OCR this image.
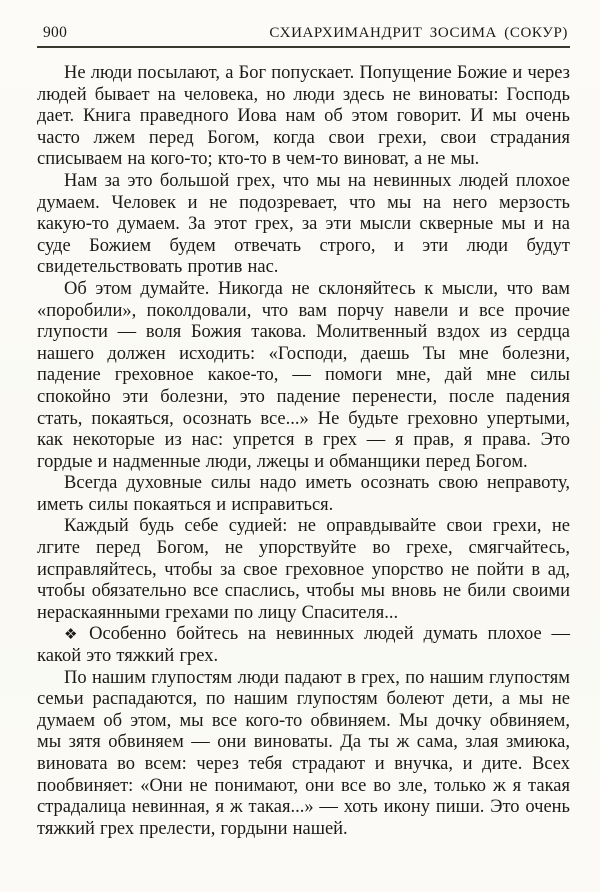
900	СХИАРХИМАНДРИТ ЗОСИМА (СОКУР)

Не люди посылают, а Бог попускает. Попущение Божие и через людей бывает на человека, но люди здесь не виноваты: Господь дает. Книга праведного Иова нам об этом говорит. И мы очень часто лжем перед Богом, когда свои грехи, свои страдания списываем на кого-то; кто-то в чем-то виноват, а не мы.

Нам за это большой грех, что мы на невинных людей плохое думаем. Человек и не подозревает, что мы на него мерзость какую-то думаем. За этот грех, за эти мысли скверные мы и на суде Божием будем отвечать строго, и эти люди будут свидетельствовать против нас.

Об этом думайте. Никогда не склоняйтесь к мысли, что вам «поробили», поколдовали, что вам порчу навели и все прочие глупости — воля Божия такова. Молитвенный вздох из сердца нашего должен исходить: «Господи, даешь Ты мне болезни, падение греховное какое-то, — помоги мне, дай мне силы спокойно эти болезни, это падение перенести, после падения стать, покаяться, осознать все...» Не будьте греховно упертыми, как некоторые из нас: упрется в грех — я прав, я права. Это гордые и надменные люди, лжецы и обманщики перед Богом.

Всегда духовные силы надо иметь осознать свою неправоту, иметь силы покаяться и исправиться.

Каждый будь себе судией: не оправдывайте свои грехи, не лгите перед Богом, не упорствуйте во грехе, смягчайтесь, исправляйтесь, чтобы за свое греховное упорство не пойти в ад, чтобы обязательно все спаслись, чтобы мы вновь не били своими нераскаянными грехами по лицу Спасителя...

❖ Особенно бойтесь на невинных людей думать плохое — какой это тяжкий грех.

По нашим глупостям люди падают в грех, по нашим глупостям семьи распадаются, по нашим глупостям болеют дети, а мы не думаем об этом, мы все кого-то обвиняем. Мы дочку обвиняем, мы зятя обвиняем — они виноваты. Да ты ж сама, злая змиюка, виновата во всем: через тебя страдают и внучка, и дите. Всех пообвиняет: «Они не понимают, они все во зле, только ж я такая страдалица невинная, я ж такая...» — хоть икону пиши. Это очень тяжкий грех прелести, гордыни нашей.
